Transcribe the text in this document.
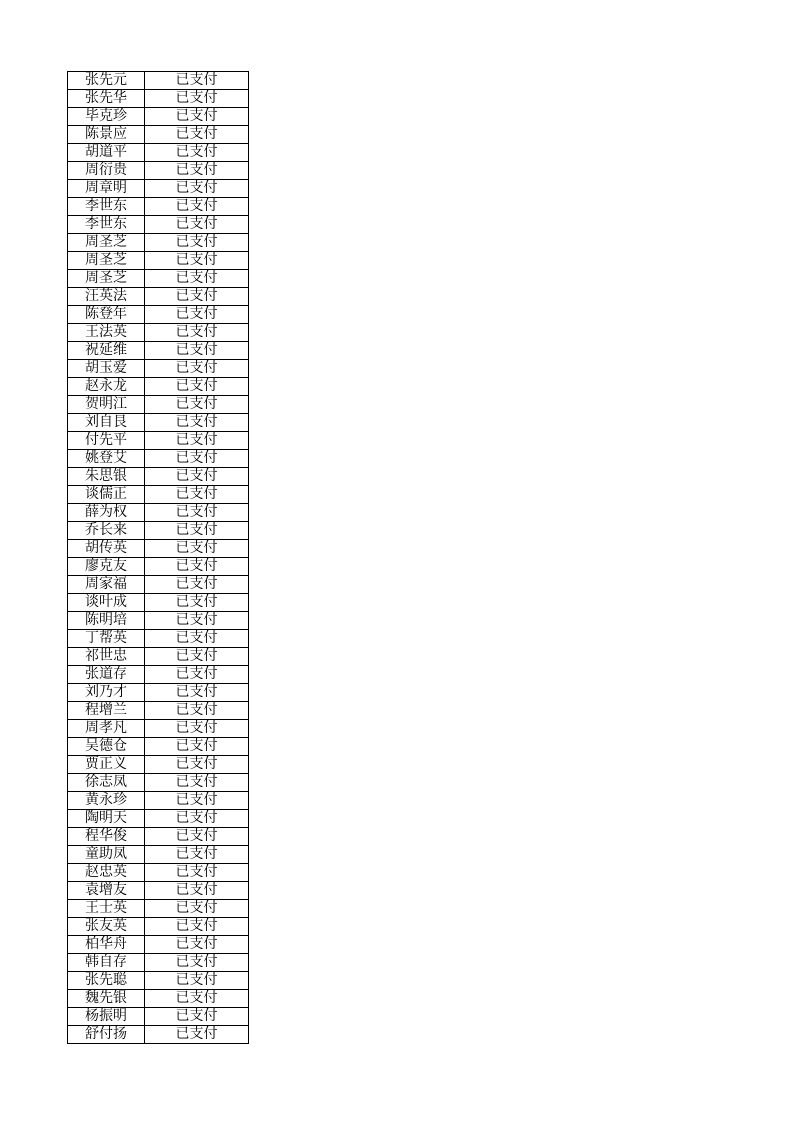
张先元	已支付
张先华	已支付
毕克珍	已支付
陈景应	已支付
胡道平	已支付
周衍贵	已支付
周章明	已支付
李世东	已支付
李世东	已支付
周圣芝	已支付
周圣芝	已支付
周圣芝	已支付
汪英法	已支付
陈登年	已支付
王法英	已支付
祝延维	已支付
胡玉爱	已支付
赵永龙	已支付
贺明江	已支付
刘自艮	已支付
付先平	已支付
姚登艾	已支付
朱思银	已支付
谈儒正	已支付
薛为权	已支付
乔长来	已支付
胡传英	已支付
廖克友	已支付
周家福	已支付
谈叶成	已支付
陈明培	已支付
丁帮英	已支付
祁世忠	已支付
张道存	已支付
刘乃才	已支付
程增兰	已支付
周孝凡	已支付
吴德仓	已支付
贾正义	已支付
徐志凤	已支付
黄永珍	已支付
陶明天	已支付
程华俊	已支付
童助凤	已支付
赵忠英	已支付
袁增友	已支付
王士英	已支付
张友英	已支付
柏华舟	已支付
韩自存	已支付
张先聪	已支付
魏先银	已支付
杨振明	已支付
舒付扬	已支付
